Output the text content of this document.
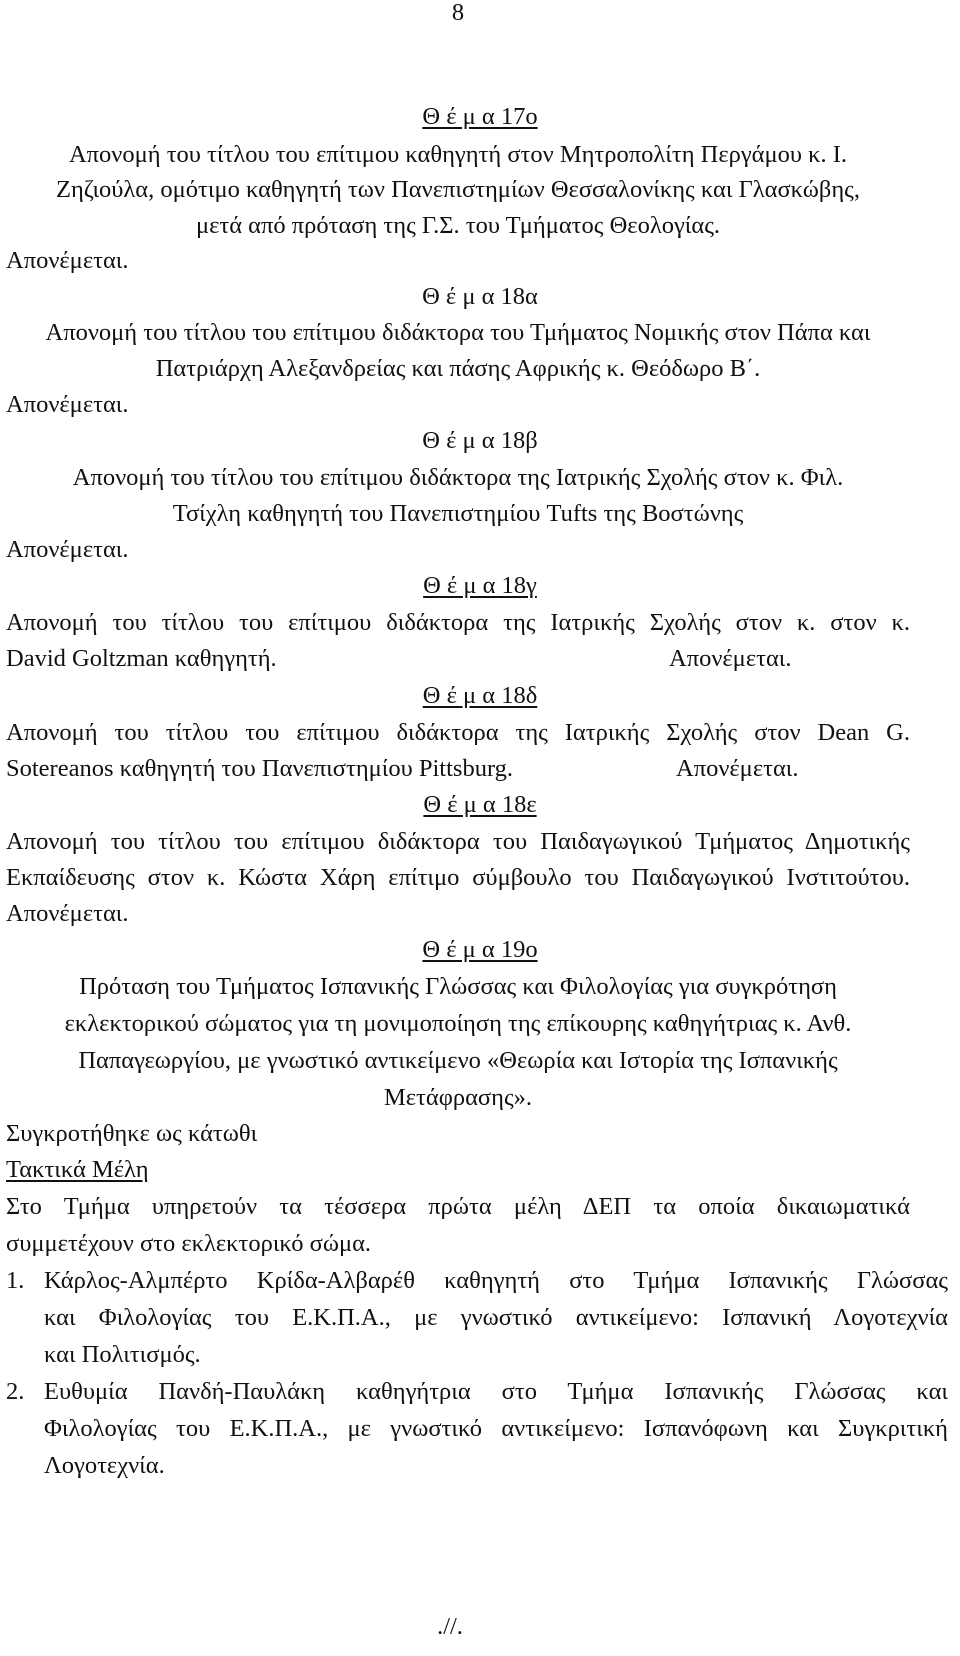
8
Θ έ μ α 17ο
Απονομή του τίτλου του επίτιμου καθηγητή στον Μητροπολίτη Περγάμου κ. Ι.
Ζηζιούλα, ομότιμο καθηγητή των Πανεπιστημίων Θεσσαλονίκης και Γλασκώβης,
μετά από πρόταση της Γ.Σ. του Τμήματος Θεολογίας.
Απονέμεται.
Θ έ μ α 18α
Απονομή του τίτλου του επίτιμου διδάκτορα του Τμήματος Νομικής στον Πάπα και
Πατριάρχη Αλεξανδρείας και πάσης Αφρικής κ. Θεόδωρο Β΄.
Απονέμεται.
Θ έ μ α 18β
Απονομή του τίτλου του επίτιμου διδάκτορα της Ιατρικής Σχολής στον κ. Φιλ.
Τσίχλη καθηγητή του Πανεπιστημίου Tufts της Βοστώνης
Απονέμεται.
Θ έ μ α 18γ
Απονομή του τίτλου του επίτιμου διδάκτορα της Ιατρικής Σχολής στον κ. στον κ.
David Goltzman καθηγητή.	Απονέμεται.
Θ έ μ α 18δ
Απονομή του τίτλου του επίτιμου διδάκτορα της Ιατρικής Σχολής στον Dean G.
Sotereanos καθηγητή του Πανεπιστημίου Pittsburg.	Απονέμεται.
Θ έ μ α 18ε
Απονομή του τίτλου του επίτιμου διδάκτορα του Παιδαγωγικού Τμήματος Δημοτικής
Εκπαίδευσης στον κ. Κώστα Χάρη επίτιμο σύμβουλο του Παιδαγωγικού Ινστιτούτου.
Απονέμεται.
Θ έ μ α 19ο
Πρόταση του Τμήματος Ισπανικής Γλώσσας και Φιλολογίας για συγκρότηση
εκλεκτορικού σώματος για τη μονιμοποίηση της επίκουρης καθηγήτριας κ. Ανθ.
Παπαγεωργίου, με γνωστικό αντικείμενο «Θεωρία και Ιστορία της Ισπανικής
Μετάφρασης».
Συγκροτήθηκε ως κάτωθι
Τακτικά Μέλη
Στο Τμήμα υπηρετούν τα τέσσερα πρώτα μέλη ΔΕΠ τα οποία δικαιωματικά
συμμετέχουν στο εκλεκτορικό σώμα.
1. Κάρλος-Αλμπέρτο Κρίδα-Αλβαρέθ καθηγητή στο Τμήμα Ισπανικής Γλώσσας
και Φιλολογίας του Ε.Κ.Π.Α., με γνωστικό αντικείμενο: Ισπανική Λογοτεχνία
και Πολιτισμός.
2. Ευθυμία Πανδή-Παυλάκη καθηγήτρια στο Τμήμα Ισπανικής Γλώσσας και
Φιλολογίας του Ε.Κ.Π.Α., με γνωστικό αντικείμενο: Ισπανόφωνη και Συγκριτική
Λογοτεχνία.
.//.
